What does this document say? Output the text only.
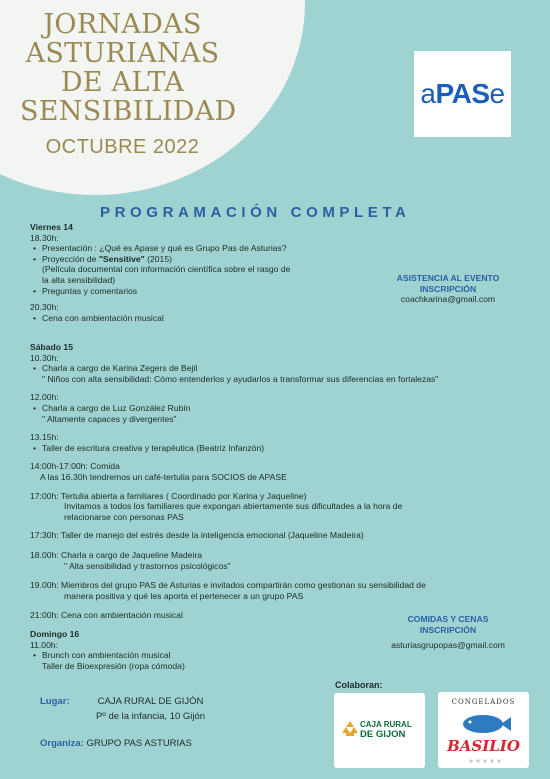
JORNADAS
ASTURIANAS
DE ALTA
SENSIBILIDAD
OCTUBRE 2022
aPASe
PROGRAMACIÓN COMPLETA
Viernes 14
18.30h:
• Presentación : ¿Qué es Apase y qué es Grupo Pas de Asturias?
• Proyección de "Sensitive" (2015)
(Película documental con información científica sobre el rasgo de
la alta sensibilidad)
• Preguntas y comentarios
20.30h:
• Cena con ambientación musical
Sábado 15
10.30h:
• Charla a cargo de Karina Zegers de Bejil
" Niños con alta sensibilidad: Cómo entenderlos y ayudarlos a transformar sus diferencias en fortalezas"
12.00h:
• Charla a cargo de Luz González Rubín
" Altamente capaces y divergentes"
13.15h:
• Taller de escritura creativa y terapéutica (Beatriz Infanzón)
14:00h-17:00h: Comida
A las 16.30h tendremos un café-tertulia para SOCIOS de APASE
17:00h: Tertulia abierta a familiares ( Coordinado por Karina y Jaqueline)
Invitamos a todos los familiares que expongan abiertamente sus dificultades a la hora de
relacionarse con personas PAS
17:30h: Taller de manejo del estrés desde la inteligencia emocional (Jaqueline Madeira)
18.00h: Charla a cargo de Jaqueline Madeira
" Alta sensibilidad y trastornos psicológicos"
19.00h: Miembros del grupo PAS de Asturias e invitados compartirán como gestionan su sensibilidad de
manera positiva y qué les aporta el pertenecer a un grupo PAS
21:00h: Cena con ambientación musical
Domingo 16
11.00h:
• Brunch con ambientación musical
Taller de Bioexpresión (ropa cómoda)
ASISTENCIA AL EVENTO
INSCRIPCIÓN
coachkarina@gmail.com
COMIDAS Y CENAS
INSCRIPCIÓN
asturiasgrupopas@gmail.com
Lugar:	CAJA RURAL DE GIJÓN
Pº de la infancia, 10 Gijón
Organiza: GRUPO PAS ASTURIAS
Colaboran:
CAJA RURAL
DE GIJON
CONGELADOS
BASILIO
